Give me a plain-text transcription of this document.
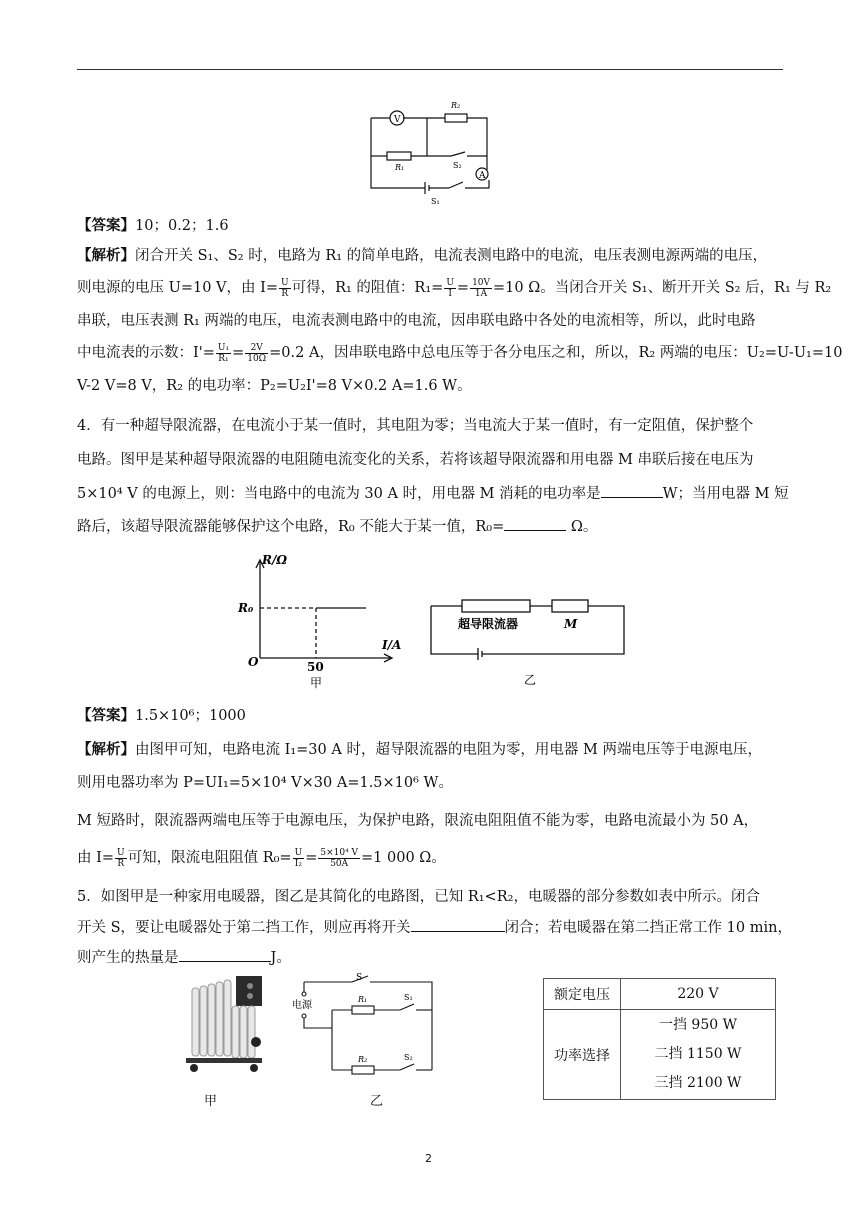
V
A
R₂
R₁	S₂
S₁
【答案】10；0.2；1.6
【解析】闭合开关 S₁、S₂ 时，电路为 R₁ 的简单电路，电流表测电路中的电流，电压表测电源两端的电压，
则电源的电压 U=10 V，由 $I= \frac{U}{R}$ 可得，R₁ 的阻值：$R_1= \frac{U}{I} = \frac{10V}{1A} =10$ Ω。当闭合开关 S₁、断开开关 S₂ 后，R₁ 与 R₂
串联，电压表测 R₁ 两端的电压，电流表测电路中的电流，因串联电路中各处的电流相等，所以，此时电路
中电流表的示数：$I'= \frac{\text{U₁}}{\text{R₁}} = \frac{2V}{10\Omega} =0.2$ A，因串联电路中总电压等于各分电压之和，所以，R₂ 两端的电压：U₂=U-U₁=10
V-2 V=8 V，R₂ 的电功率：P₂=U₂I'=8 V×0.2 A=1.6 W。
4．有一种超导限流器，在电流小于某一值时，其电阻为零；当电流大于某一值时，有一定阻值，保护整个
电路。图甲是某种超导限流器的电阻随电流变化的关系，若将该超导限流器和用电器 M 串联后接在电压为
5×10⁴ V 的电源上，则：当电路中的电流为 30 A 时，用电器 M 消耗的电功率是	W；当用电器 M 短
路后，该超导限流器能够保护这个电路，R₀ 不能大于某一值，R₀=	Ω。
R/Ω
I/A
O
R₀
50
甲
超导限流器	M
乙
【答案】1.5×10⁶；1000
【解析】由图甲可知，电路电流 I₁=30 A 时，超导限流器的电阻为零，用电器 M 两端电压等于电源电压，
则用电器功率为 P=UI₁=5×10⁴ V×30 A=1.5×10⁶ W。
M 短路时，限流器两端电压等于电源电压，为保护电路，限流电阻阻值不能为零，电路电流最小为 50 A，
由 $I= \frac{U}{R}$ 可知，限流电阻阻值 $R_0= \frac{U}{\text{I₂}} = \frac{\text{5×10⁴ V}}{50A} =1$ 000 Ω。
5．如图甲是一种家用电暖器，图乙是其简化的电路图，已知 R₁<R₂，电暖器的部分参数如表中所示。闭合
开关 S，要让电暖器处于第二挡工作，则应再将开关	闭合；若电暖器在第二挡正常工作 10 min，
则产生的热量是	J。
甲
S
电源
R₁	S₁
R₂	S₂
乙
额定电压	220 V
功率选择	一挡 950 W
二挡 1150 W
三挡 2100 W
2
